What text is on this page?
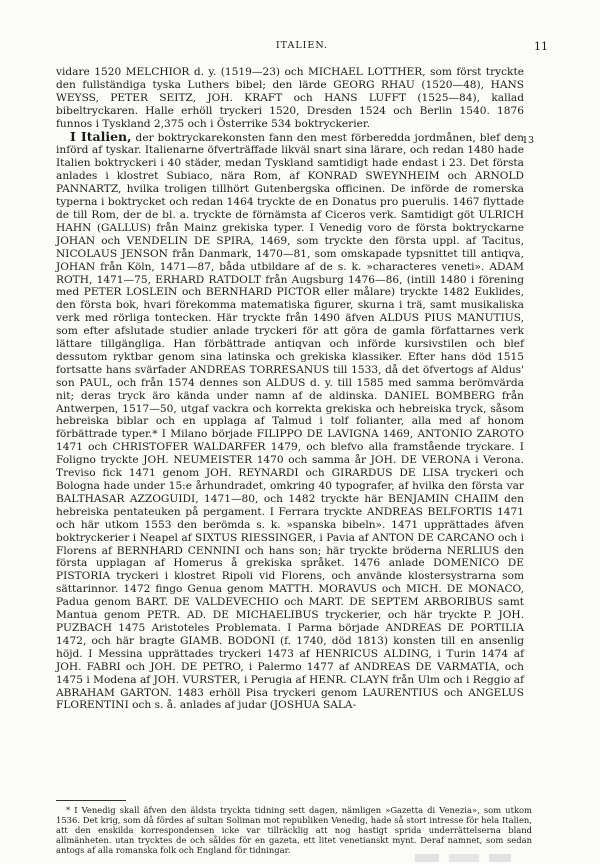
ITALIEN.	11
13

vidare 1520 MELCHIOR d. y. (1519—23) och MICHAEL LOTTHER, som först tryckte den fullständiga tyska Luthers bibel; den lärde GEORG RHAU (1520—48), HANS WEYSS, PETER SEITZ, JOH. KRAFT och HANS LUFFT (1525—84), kallad bibeltryckaren. Halle erhöll tryckeri 1520, Dresden 1524 och Berlin 1540. 1876 funnos i Tyskland 2,375 och i Österrike 534 boktryckerier.

I Italien, der boktryckarekonsten fann den mest förberedda jordmånen, blef den införd af tyskar. Italienarne öfverträffade likväl snart sina lärare, och redan 1480 hade Italien boktryckeri i 40 städer, medan Tyskland samtidigt hade endast i 23. Det första anlades i klostret Subiaco, nära Rom, af KONRAD SWEYNHEIM och ARNOLD PANNARTZ, hvilka troligen tillhört Gutenbergska officinen. De införde de romerska typerna i boktrycket och redan 1464 tryckte de en Donatus pro puerulis. 1467 flyttade de till Rom, der de bl. a. tryckte de förnämsta af Ciceros verk. Samtidigt göt ULRICH HAHN (GALLUS) från Mainz grekiska typer. I Venedig voro de första boktryckarne JOHAN och VENDELIN DE SPIRA, 1469, som tryckte den första uppl. af Tacitus, NICOLAUS JENSON från Danmark, 1470—81, som omskapade typsnittet till antiqva, JOHAN från Köln, 1471—87, båda utbildare af de s. k. »characteres veneti». ADAM ROTH, 1471—75, ERHARD RATDOLT från Augsburg 1476—86, (intill 1480 i förening med PETER LOSLEIN och BERNHARD PICTOR eller målare) tryckte 1482 Euklides, den första bok, hvari förekomma matematiska figurer, skurna i trä, samt musikaliska verk med rörliga tontecken. Här tryckte från 1490 äfven ALDUS PIUS MANUTIUS, som efter afslutade studier anlade tryckeri för att göra de gamla författarnes verk lättare tillgängliga. Han förbättrade antiqvan och införde kursivstilen och blef dessutom ryktbar genom sina latinska och grekiska klassiker. Efter hans död 1515 fortsatte hans svärfader ANDREAS TORRESANUS till 1533, då det öfvertogs af Aldus' son PAUL, och från 1574 dennes son ALDUS d. y. till 1585 med samma berömvärda nit; deras tryck äro kända under namn af de aldinska. DANIEL BOMBERG från Antwerpen, 1517—50, utgaf vackra och korrekta grekiska och hebreiska tryck, såsom hebreiska biblar och en upplaga af Talmud i tolf folianter, alla med af honom förbättrade typer.* I Milano började FILIPPO DE LAVIGNA 1469, ANTONIO ZAROTO 1471 och CHRISTOFER WALDARFER 1479, och blefvo alla framstående tryckare. I Foligno tryckte JOH. NEUMEISTER 1470 och samma år JOH. DE VERONA i Verona. Treviso fick 1471 genom JOH. REYNARDI och GIRARDUS DE LISA tryckeri och Bologna hade under 15:e århundradet, omkring 40 typografer, af hvilka den första var BALTHASAR AZZOGUIDI, 1471—80, och 1482 tryckte här BENJAMIN CHAIIM den hebreiska pentateuken på pergament. I Ferrara tryckte ANDREAS BELFORTIS 1471 och här utkom 1553 den berömda s. k. »spanska bibeln». 1471 upprättades äfven boktryckerier i Neapel af SIXTUS RIESSINGER, i Pavia af ANTON DE CARCANO och i Florens af BERNHARD CENNINI och hans son; här tryckte bröderna NERLIUS den första upplagan af Homerus å grekiska språket. 1476 anlade DOMENICO DE PISTORIA tryckeri i klostret Ripoli vid Florens, och använde klostersystrarna som sättarinnor. 1472 fingo Genua genom MATTH. MORAVUS och MICH. DE MONACO, Padua genom BART. DE VALDEVECHIO och MART. DE SEPTEM ARBORIBUS samt Mantua genom PETR. AD. DE MICHAELIBUS tryckerier, och här tryckte P. JOH. PUZBACH 1475 Aristoteles Problemata. I Parma började ANDREAS DE PORTILIA 1472, och här bragte GIAMB. BODONI (f. 1740, död 1813) konsten till en ansenlig höjd. I Messina upprättades tryckeri 1473 af HENRICUS ALDING, i Turin 1474 af JOH. FABRI och JOH. DE PETRO, i Palermo 1477 af ANDREAS DE VARMATIA, och 1475 i Modena af JOH. VURSTER, i Perugia af HENR. CLAYN från Ulm och i Reggio af ABRAHAM GARTON. 1483 erhöll Pisa tryckeri genom LAURENTIUS och ANGELUS FLORENTINI och s. å. anlades af judar (JOSHUA SALA-

* I Venedig skall äfven den äldsta tryckta tidning sett dagen, nämligen »Gazetta di Venezia», som utkom 1536. Det krig, som då fördes af sultan Soliman mot republiken Venedig, hade så stort intresse för hela Italien, att den enskilda korrespondensen icke var tillräcklig att nog hastigt sprida underrättelserna bland allmänheten. utan trycktes de och såldes för en gazeta, ett litet venetianskt mynt. Deraf namnet, som sedan antogs af alla romanska folk och England för tidningar.
